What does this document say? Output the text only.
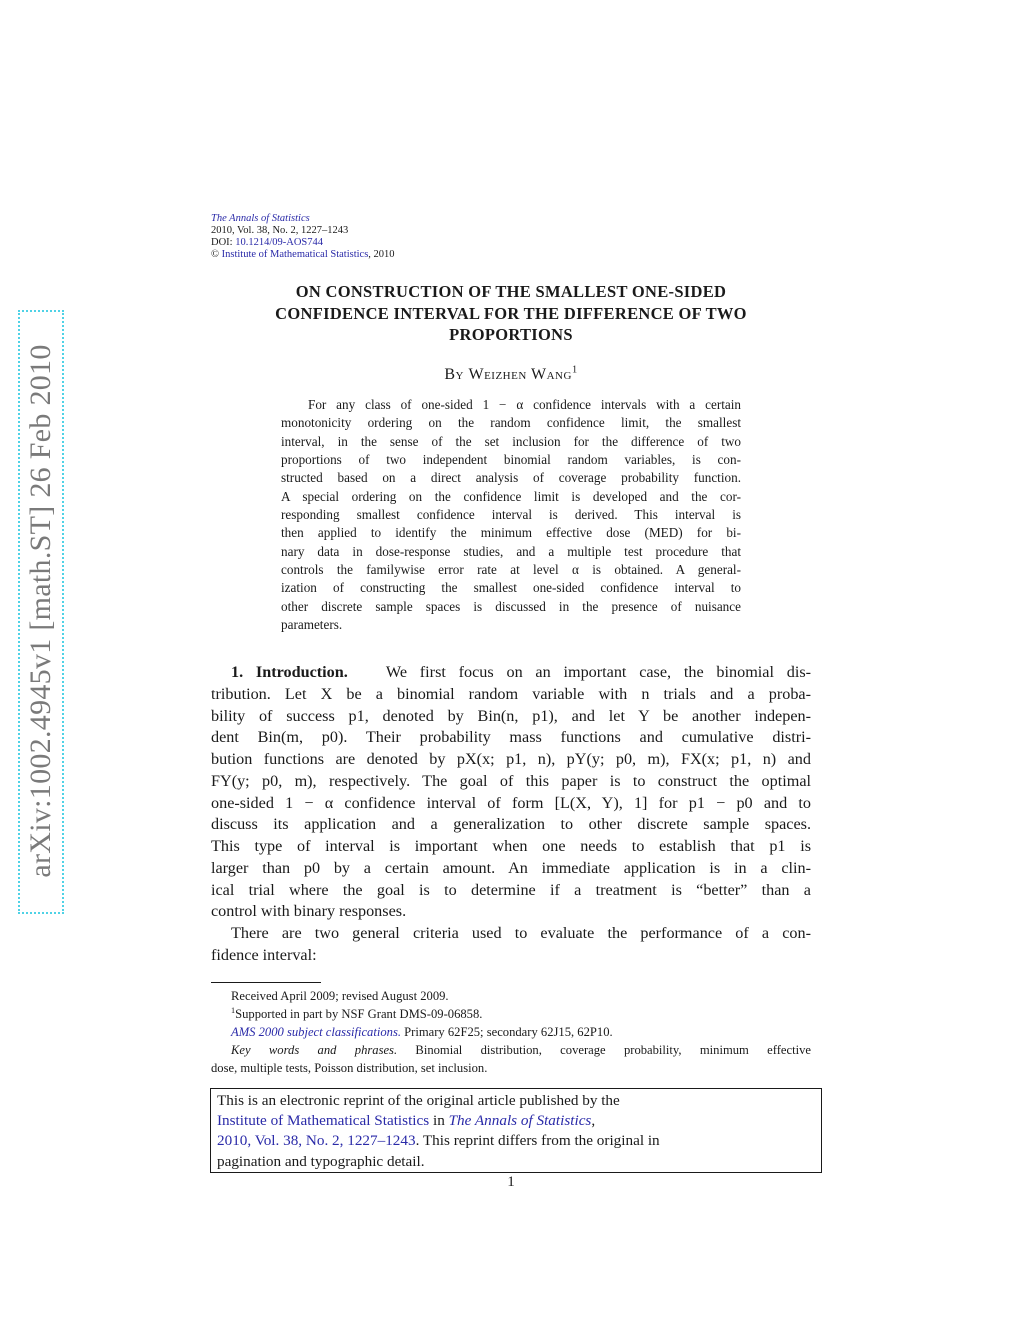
arXiv:1002.4945v1 [math.ST] 26 Feb 2010
The Annals of Statistics
2010, Vol. 38, No. 2, 1227–1243
DOI: 10.1214/09-AOS744
© Institute of Mathematical Statistics, 2010
ON CONSTRUCTION OF THE SMALLEST ONE-SIDED
CONFIDENCE INTERVAL FOR THE DIFFERENCE OF TWO
PROPORTIONS
By Weizhen Wang$^1$
For any class of one-sided 1 − α confidence intervals with a certain
monotonicity ordering on the random confidence limit, the smallest
interval, in the sense of the set inclusion for the difference of two
proportions of two independent binomial random variables, is con-
structed based on a direct analysis of coverage probability function.
A special ordering on the confidence limit is developed and the cor-
responding smallest confidence interval is derived. This interval is
then applied to identify the minimum effective dose (MED) for bi-
nary data in dose-response studies, and a multiple test procedure that
controls the familywise error rate at level α is obtained. A general-
ization of constructing the smallest one-sided confidence interval to
other discrete sample spaces is discussed in the presence of nuisance
parameters.
1. Introduction. We first focus on an important case, the binomial dis-
tribution. Let X be a binomial random variable with n trials and a proba-
bility of success p1, denoted by Bin(n, p1), and let Y be another indepen-
dent Bin(m, p0). Their probability mass functions and cumulative distri-
bution functions are denoted by pX(x; p1, n), pY(y; p0, m), FX(x; p1, n) and
FY(y; p0, m), respectively. The goal of this paper is to construct the optimal
one-sided 1 − α confidence interval of form [L(X, Y), 1] for p1 − p0 and to
discuss its application and a generalization to other discrete sample spaces.
This type of interval is important when one needs to establish that p1 is
larger than p0 by a certain amount. An immediate application is in a clin-
ical trial where the goal is to determine if a treatment is “better” than a
control with binary responses.
There are two general criteria used to evaluate the performance of a con-
fidence interval:
Received April 2009; revised August 2009.
$^1$Supported in part by NSF Grant DMS-09-06858.
AMS 2000 subject classifications. Primary 62F25; secondary 62J15, 62P10.
Key words and phrases. Binomial distribution, coverage probability, minimum effective
dose, multiple tests, Poisson distribution, set inclusion.
This is an electronic reprint of the original article published by the
Institute of Mathematical Statistics in The Annals of Statistics,
2010, Vol. 38, No. 2, 1227–1243. This reprint differs from the original in
pagination and typographic detail.
1
